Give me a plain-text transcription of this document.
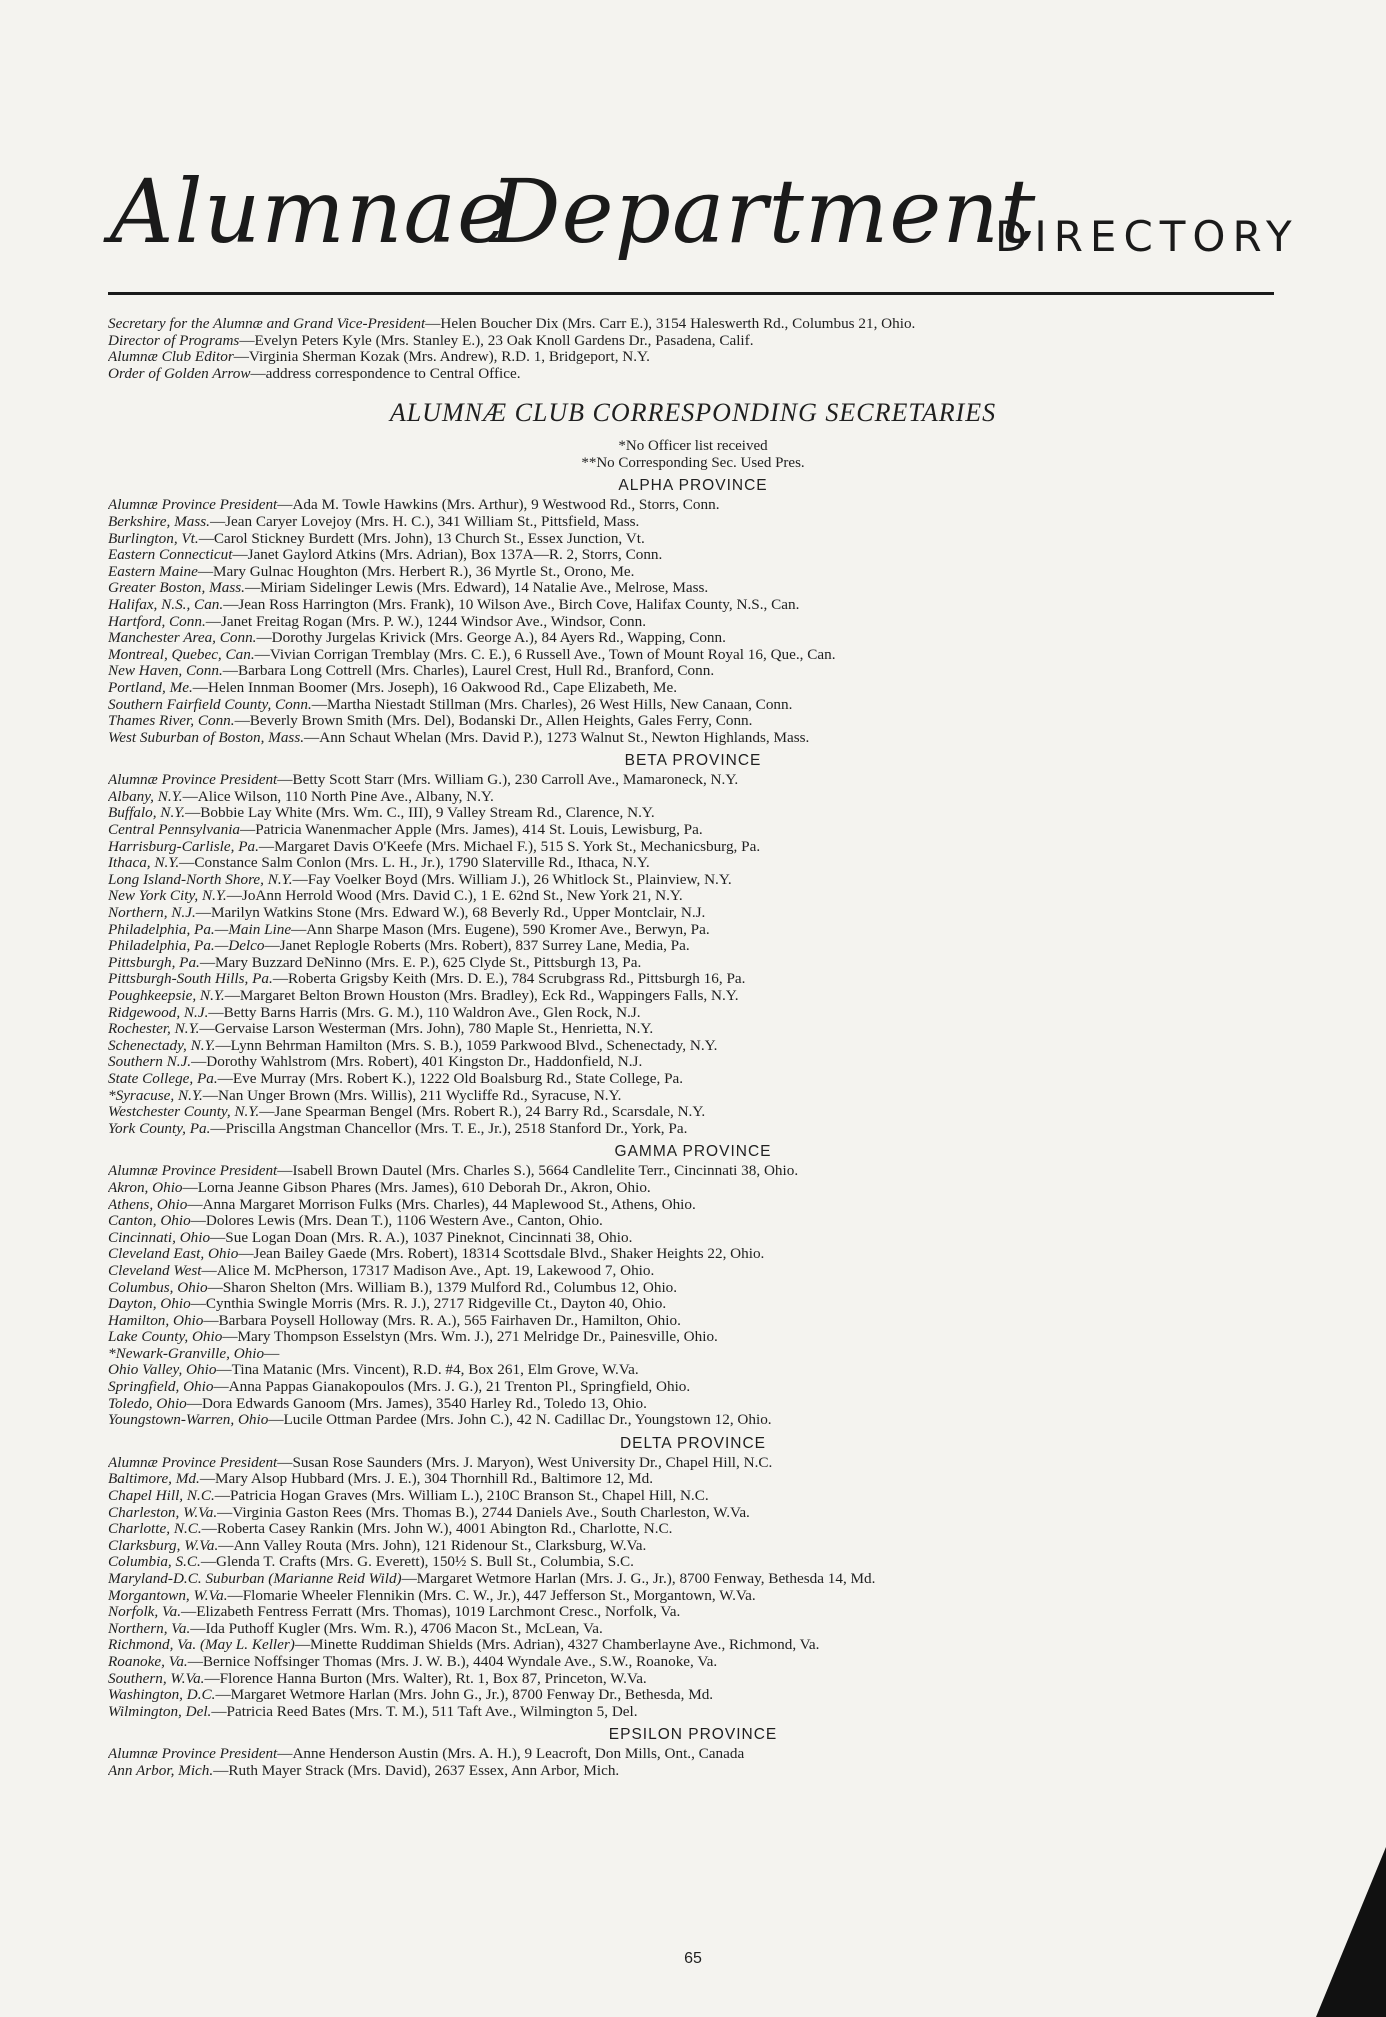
Alumnae
Department
DIRECTORY
Secretary for the Alumnæ and Grand Vice-President—Helen Boucher Dix (Mrs. Carr E.), 3154 Haleswerth Rd., Columbus 21, Ohio.
Director of Programs—Evelyn Peters Kyle (Mrs. Stanley E.), 23 Oak Knoll Gardens Dr., Pasadena, Calif.
Alumnæ Club Editor—Virginia Sherman Kozak (Mrs. Andrew), R.D. 1, Bridgeport, N.Y.
Order of Golden Arrow—address correspondence to Central Office.
ALUMNÆ CLUB CORRESPONDING SECRETARIES
*No Officer list received
**No Corresponding Sec. Used Pres.
ALPHA PROVINCE
Alumnæ Province President—Ada M. Towle Hawkins (Mrs. Arthur), 9 Westwood Rd., Storrs, Conn.
Berkshire, Mass.—Jean Caryer Lovejoy (Mrs. H. C.), 341 William St., Pittsfield, Mass.
Burlington, Vt.—Carol Stickney Burdett (Mrs. John), 13 Church St., Essex Junction, Vt.
Eastern Connecticut—Janet Gaylord Atkins (Mrs. Adrian), Box 137A—R. 2, Storrs, Conn.
Eastern Maine—Mary Gulnac Houghton (Mrs. Herbert R.), 36 Myrtle St., Orono, Me.
Greater Boston, Mass.—Miriam Sidelinger Lewis (Mrs. Edward), 14 Natalie Ave., Melrose, Mass.
Halifax, N.S., Can.—Jean Ross Harrington (Mrs. Frank), 10 Wilson Ave., Birch Cove, Halifax County, N.S., Can.
Hartford, Conn.—Janet Freitag Rogan (Mrs. P. W.), 1244 Windsor Ave., Windsor, Conn.
Manchester Area, Conn.—Dorothy Jurgelas Krivick (Mrs. George A.), 84 Ayers Rd., Wapping, Conn.
Montreal, Quebec, Can.—Vivian Corrigan Tremblay (Mrs. C. E.), 6 Russell Ave., Town of Mount Royal 16, Que., Can.
New Haven, Conn.—Barbara Long Cottrell (Mrs. Charles), Laurel Crest, Hull Rd., Branford, Conn.
Portland, Me.—Helen Innman Boomer (Mrs. Joseph), 16 Oakwood Rd., Cape Elizabeth, Me.
Southern Fairfield County, Conn.—Martha Niestadt Stillman (Mrs. Charles), 26 West Hills, New Canaan, Conn.
Thames River, Conn.—Beverly Brown Smith (Mrs. Del), Bodanski Dr., Allen Heights, Gales Ferry, Conn.
West Suburban of Boston, Mass.—Ann Schaut Whelan (Mrs. David P.), 1273 Walnut St., Newton Highlands, Mass.
BETA PROVINCE
Alumnæ Province President—Betty Scott Starr (Mrs. William G.), 230 Carroll Ave., Mamaroneck, N.Y.
Albany, N.Y.—Alice Wilson, 110 North Pine Ave., Albany, N.Y.
Buffalo, N.Y.—Bobbie Lay White (Mrs. Wm. C., III), 9 Valley Stream Rd., Clarence, N.Y.
Central Pennsylvania—Patricia Wanenmacher Apple (Mrs. James), 414 St. Louis, Lewisburg, Pa.
Harrisburg-Carlisle, Pa.—Margaret Davis O'Keefe (Mrs. Michael F.), 515 S. York St., Mechanicsburg, Pa.
Ithaca, N.Y.—Constance Salm Conlon (Mrs. L. H., Jr.), 1790 Slaterville Rd., Ithaca, N.Y.
Long Island-North Shore, N.Y.—Fay Voelker Boyd (Mrs. William J.), 26 Whitlock St., Plainview, N.Y.
New York City, N.Y.—JoAnn Herrold Wood (Mrs. David C.), 1 E. 62nd St., New York 21, N.Y.
Northern, N.J.—Marilyn Watkins Stone (Mrs. Edward W.), 68 Beverly Rd., Upper Montclair, N.J.
Philadelphia, Pa.—Main Line—Ann Sharpe Mason (Mrs. Eugene), 590 Kromer Ave., Berwyn, Pa.
Philadelphia, Pa.—Delco—Janet Replogle Roberts (Mrs. Robert), 837 Surrey Lane, Media, Pa.
Pittsburgh, Pa.—Mary Buzzard DeNinno (Mrs. E. P.), 625 Clyde St., Pittsburgh 13, Pa.
Pittsburgh-South Hills, Pa.—Roberta Grigsby Keith (Mrs. D. E.), 784 Scrubgrass Rd., Pittsburgh 16, Pa.
Poughkeepsie, N.Y.—Margaret Belton Brown Houston (Mrs. Bradley), Eck Rd., Wappingers Falls, N.Y.
Ridgewood, N.J.—Betty Barns Harris (Mrs. G. M.), 110 Waldron Ave., Glen Rock, N.J.
Rochester, N.Y.—Gervaise Larson Westerman (Mrs. John), 780 Maple St., Henrietta, N.Y.
Schenectady, N.Y.—Lynn Behrman Hamilton (Mrs. S. B.), 1059 Parkwood Blvd., Schenectady, N.Y.
Southern N.J.—Dorothy Wahlstrom (Mrs. Robert), 401 Kingston Dr., Haddonfield, N.J.
State College, Pa.—Eve Murray (Mrs. Robert K.), 1222 Old Boalsburg Rd., State College, Pa.
*Syracuse, N.Y.—Nan Unger Brown (Mrs. Willis), 211 Wycliffe Rd., Syracuse, N.Y.
Westchester County, N.Y.—Jane Spearman Bengel (Mrs. Robert R.), 24 Barry Rd., Scarsdale, N.Y.
York County, Pa.—Priscilla Angstman Chancellor (Mrs. T. E., Jr.), 2518 Stanford Dr., York, Pa.
GAMMA PROVINCE
Alumnæ Province President—Isabell Brown Dautel (Mrs. Charles S.), 5664 Candlelite Terr., Cincinnati 38, Ohio.
Akron, Ohio—Lorna Jeanne Gibson Phares (Mrs. James), 610 Deborah Dr., Akron, Ohio.
Athens, Ohio—Anna Margaret Morrison Fulks (Mrs. Charles), 44 Maplewood St., Athens, Ohio.
Canton, Ohio—Dolores Lewis (Mrs. Dean T.), 1106 Western Ave., Canton, Ohio.
Cincinnati, Ohio—Sue Logan Doan (Mrs. R. A.), 1037 Pineknot, Cincinnati 38, Ohio.
Cleveland East, Ohio—Jean Bailey Gaede (Mrs. Robert), 18314 Scottsdale Blvd., Shaker Heights 22, Ohio.
Cleveland West—Alice M. McPherson, 17317 Madison Ave., Apt. 19, Lakewood 7, Ohio.
Columbus, Ohio—Sharon Shelton (Mrs. William B.), 1379 Mulford Rd., Columbus 12, Ohio.
Dayton, Ohio—Cynthia Swingle Morris (Mrs. R. J.), 2717 Ridgeville Ct., Dayton 40, Ohio.
Hamilton, Ohio—Barbara Poysell Holloway (Mrs. R. A.), 565 Fairhaven Dr., Hamilton, Ohio.
Lake County, Ohio—Mary Thompson Esselstyn (Mrs. Wm. J.), 271 Melridge Dr., Painesville, Ohio.
*Newark-Granville, Ohio—
Ohio Valley, Ohio—Tina Matanic (Mrs. Vincent), R.D. #4, Box 261, Elm Grove, W.Va.
Springfield, Ohio—Anna Pappas Gianakopoulos (Mrs. J. G.), 21 Trenton Pl., Springfield, Ohio.
Toledo, Ohio—Dora Edwards Ganoom (Mrs. James), 3540 Harley Rd., Toledo 13, Ohio.
Youngstown-Warren, Ohio—Lucile Ottman Pardee (Mrs. John C.), 42 N. Cadillac Dr., Youngstown 12, Ohio.
DELTA PROVINCE
Alumnæ Province President—Susan Rose Saunders (Mrs. J. Maryon), West University Dr., Chapel Hill, N.C.
Baltimore, Md.—Mary Alsop Hubbard (Mrs. J. E.), 304 Thornhill Rd., Baltimore 12, Md.
Chapel Hill, N.C.—Patricia Hogan Graves (Mrs. William L.), 210C Branson St., Chapel Hill, N.C.
Charleston, W.Va.—Virginia Gaston Rees (Mrs. Thomas B.), 2744 Daniels Ave., South Charleston, W.Va.
Charlotte, N.C.—Roberta Casey Rankin (Mrs. John W.), 4001 Abington Rd., Charlotte, N.C.
Clarksburg, W.Va.—Ann Valley Routa (Mrs. John), 121 Ridenour St., Clarksburg, W.Va.
Columbia, S.C.—Glenda T. Crafts (Mrs. G. Everett), 150½ S. Bull St., Columbia, S.C.
Maryland-D.C. Suburban (Marianne Reid Wild)—Margaret Wetmore Harlan (Mrs. J. G., Jr.), 8700 Fenway, Bethesda 14, Md.
Morgantown, W.Va.—Flomarie Wheeler Flennikin (Mrs. C. W., Jr.), 447 Jefferson St., Morgantown, W.Va.
Norfolk, Va.—Elizabeth Fentress Ferratt (Mrs. Thomas), 1019 Larchmont Cresc., Norfolk, Va.
Northern, Va.—Ida Puthoff Kugler (Mrs. Wm. R.), 4706 Macon St., McLean, Va.
Richmond, Va. (May L. Keller)—Minette Ruddiman Shields (Mrs. Adrian), 4327 Chamberlayne Ave., Richmond, Va.
Roanoke, Va.—Bernice Noffsinger Thomas (Mrs. J. W. B.), 4404 Wyndale Ave., S.W., Roanoke, Va.
Southern, W.Va.—Florence Hanna Burton (Mrs. Walter), Rt. 1, Box 87, Princeton, W.Va.
Washington, D.C.—Margaret Wetmore Harlan (Mrs. John G., Jr.), 8700 Fenway Dr., Bethesda, Md.
Wilmington, Del.—Patricia Reed Bates (Mrs. T. M.), 511 Taft Ave., Wilmington 5, Del.
EPSILON PROVINCE
Alumnæ Province President—Anne Henderson Austin (Mrs. A. H.), 9 Leacroft, Don Mills, Ont., Canada
Ann Arbor, Mich.—Ruth Mayer Strack (Mrs. David), 2637 Essex, Ann Arbor, Mich.
65
